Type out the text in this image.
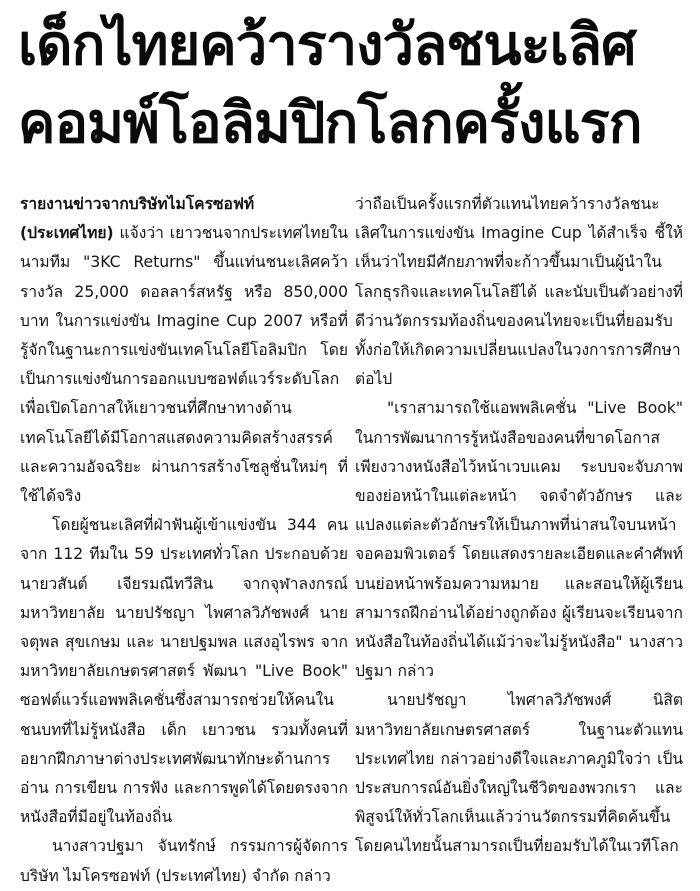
เด็กไทยคว้ารางวัลชนะเลิศ
คอมพ์โอลิมปิกโลกครั้งแรก

รายงานข่าวจากบริษัทไมโครซอฟท์ (ประเทศไทย) แจ้งว่า เยาวชนจากประเทศไทยในนามทีม "3KC Returns" ขึ้นแท่นชนะเลิศคว้ารางวัล 25,000 ดอลลาร์สหรัฐ หรือ 850,000 บาท ในการแข่งขัน Imagine Cup 2007 หรือที่รู้จักในฐานะการแข่งขันเทคโนโลยีโอลิมปิก โดยเป็นการแข่งขันการออกแบบซอฟต์แวร์ระดับโลกเพื่อเปิดโอกาสให้เยาวชนที่ศึกษาทางด้านเทคโนโลยีได้มีโอกาสแสดงความคิดสร้างสรรค์ และความอัจฉริยะ ผ่านการสร้างโซลูชั่นใหม่ๆ ที่ใช้ได้จริง

โดยผู้ชนะเลิศที่ฝ่าฟันผู้เข้าแข่งขัน 344 คนจาก 112 ทีมใน 59 ประเทศทั่วโลก ประกอบด้วย นายวสันต์ เจียรมณีทวีสิน จากจุฬาลงกรณ์มหาวิทยาลัย นายปรัชญา ไพศาลวิภัชพงศ์ นายจตุพล สุขเกษม และ นายปฐมพล แสงอุไรพร จากมหาวิทยาลัยเกษตรศาสตร์ พัฒนา "Live Book" ซอฟต์แวร์แอพพลิเคชั่นซึ่งสามารถช่วยให้คนในชนบทที่ไม่รู้หนังสือ เด็ก เยาวชน รวมทั้งคนที่อยากฝึกภาษาต่างประเทศพัฒนาทักษะด้านการอ่าน การเขียน การฟัง และการพูดได้โดยตรงจากหนังสือที่มีอยู่ในท้องถิ่น

นางสาวปฐมา จันทรักษ์ กรรมการผู้จัดการ บริษัท ไมโครซอฟท์ (ประเทศไทย) จำกัด กล่าว

ว่าถือเป็นครั้งแรกที่ตัวแทนไทยคว้ารางวัลชนะเลิศในการแข่งขัน Imagine Cup ได้สำเร็จ ชี้ให้เห็นว่าไทยมีศักยภาพที่จะก้าวขึ้นมาเป็นผู้นำในโลกธุรกิจและเทคโนโลยีได้ และนับเป็นตัวอย่างที่ดีว่านวัตกรรมท้องถิ่นของคนไทยจะเป็นที่ยอมรับทั้งก่อให้เกิดความเปลี่ยนแปลงในวงการการศึกษาต่อไป

"เราสามารถใช้แอพพลิเคชั่น "Live Book" ในการพัฒนาการรู้หนังสือของคนที่ขาดโอกาส เพียงวางหนังสือไว้หน้าเวบแคม ระบบจะจับภาพของย่อหน้าในแต่ละหน้า จดจำตัวอักษร และแปลงแต่ละตัวอักษรให้เป็นภาพที่น่าสนใจบนหน้าจอคอมพิวเตอร์ โดยแสดงรายละเอียดและคำศัพท์บนย่อหน้าพร้อมความหมาย และสอนให้ผู้เรียนสามารถฝึกอ่านได้อย่างถูกต้อง ผู้เรียนจะเรียนจากหนังสือในท้องถิ่นได้แม้ว่าจะไม่รู้หนังสือ" นางสาวปฐมา กล่าว

นายปรัชญา ไพศาลวิภัชพงศ์ นิสิต มหาวิทยาลัยเกษตรศาสตร์ ในฐานะตัวแทนประเทศไทย กล่าวอย่างดีใจและภาคภูมิใจว่า เป็นประสบการณ์อันยิ่งใหญ่ในชีวิตของพวกเรา และพิสูจน์ให้ทั่วโลกเห็นแล้วว่านวัตกรรมที่คิดค้นขึ้นโดยคนไทยนั้นสามารถเป็นที่ยอมรับได้ในเวทีโลก
